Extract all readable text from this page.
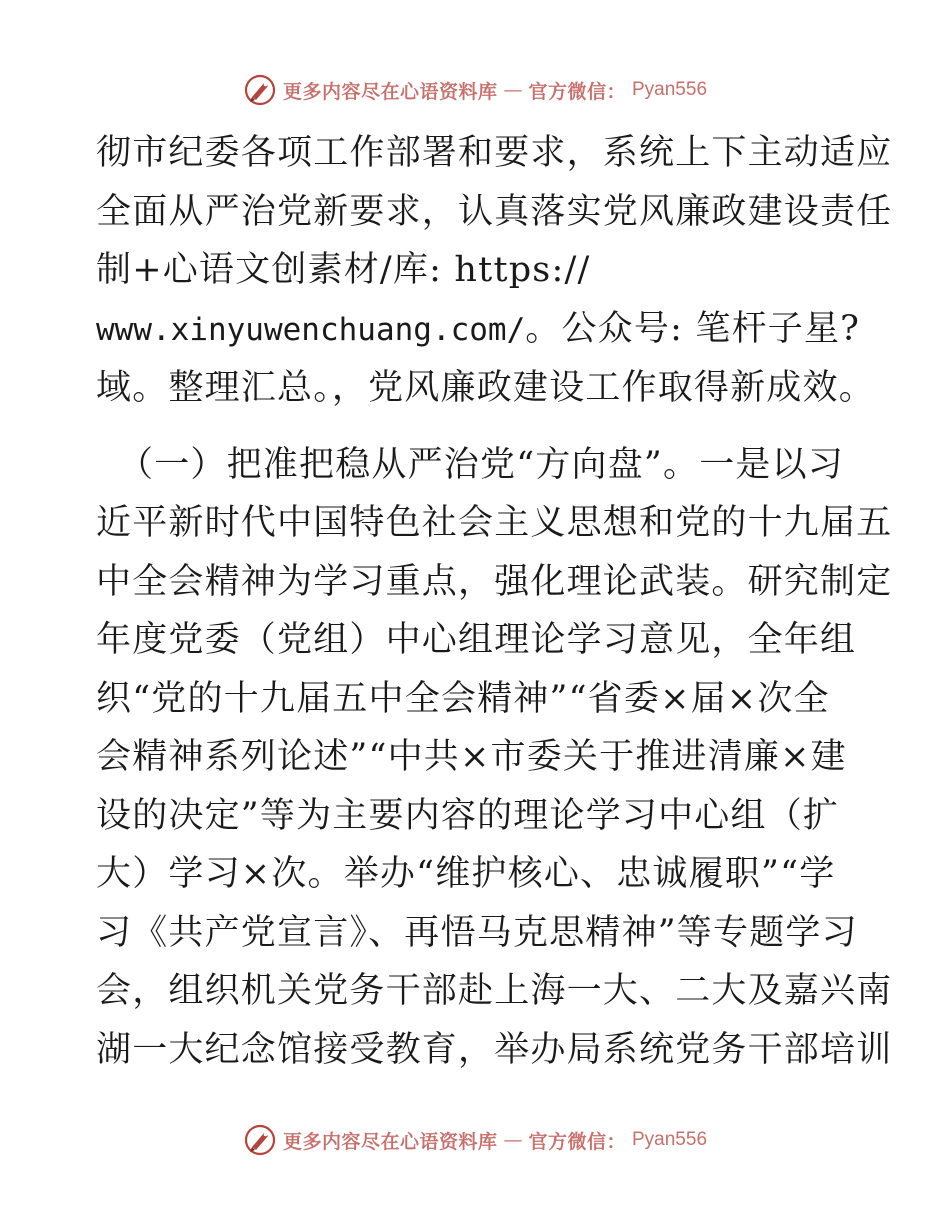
更多内容尽在心语资料库 — 官方微信： Pyan556
彻市纪委各项工作部署和要求，系统上下主动适应
全面从严治党新要求，认真落实党风廉政建设责任
制+心语文创素材/库: https://
www.xinyuwenchuang.com/。公众号: 笔杆子星?
域。整理汇总。，党风廉政建设工作取得新成效。
（一）把准把稳从严治党“方向盘”。一是以习
近平新时代中国特色社会主义思想和党的十九届五
中全会精神为学习重点，强化理论武装。研究制定
年度党委（党组）中心组理论学习意见，全年组
织“党的十九届五中全会精神”“省委×届×次全
会精神系列论述”“中共×市委关于推进清廉×建
设的决定”等为主要内容的理论学习中心组（扩
大）学习×次。举办“维护核心、忠诚履职”“学
习《共产党宣言》、再悟马克思精神”等专题学习
会，组织机关党务干部赴上海一大、二大及嘉兴南
湖一大纪念馆接受教育，举办局系统党务干部培训
更多内容尽在心语资料库 — 官方微信： Pyan556
